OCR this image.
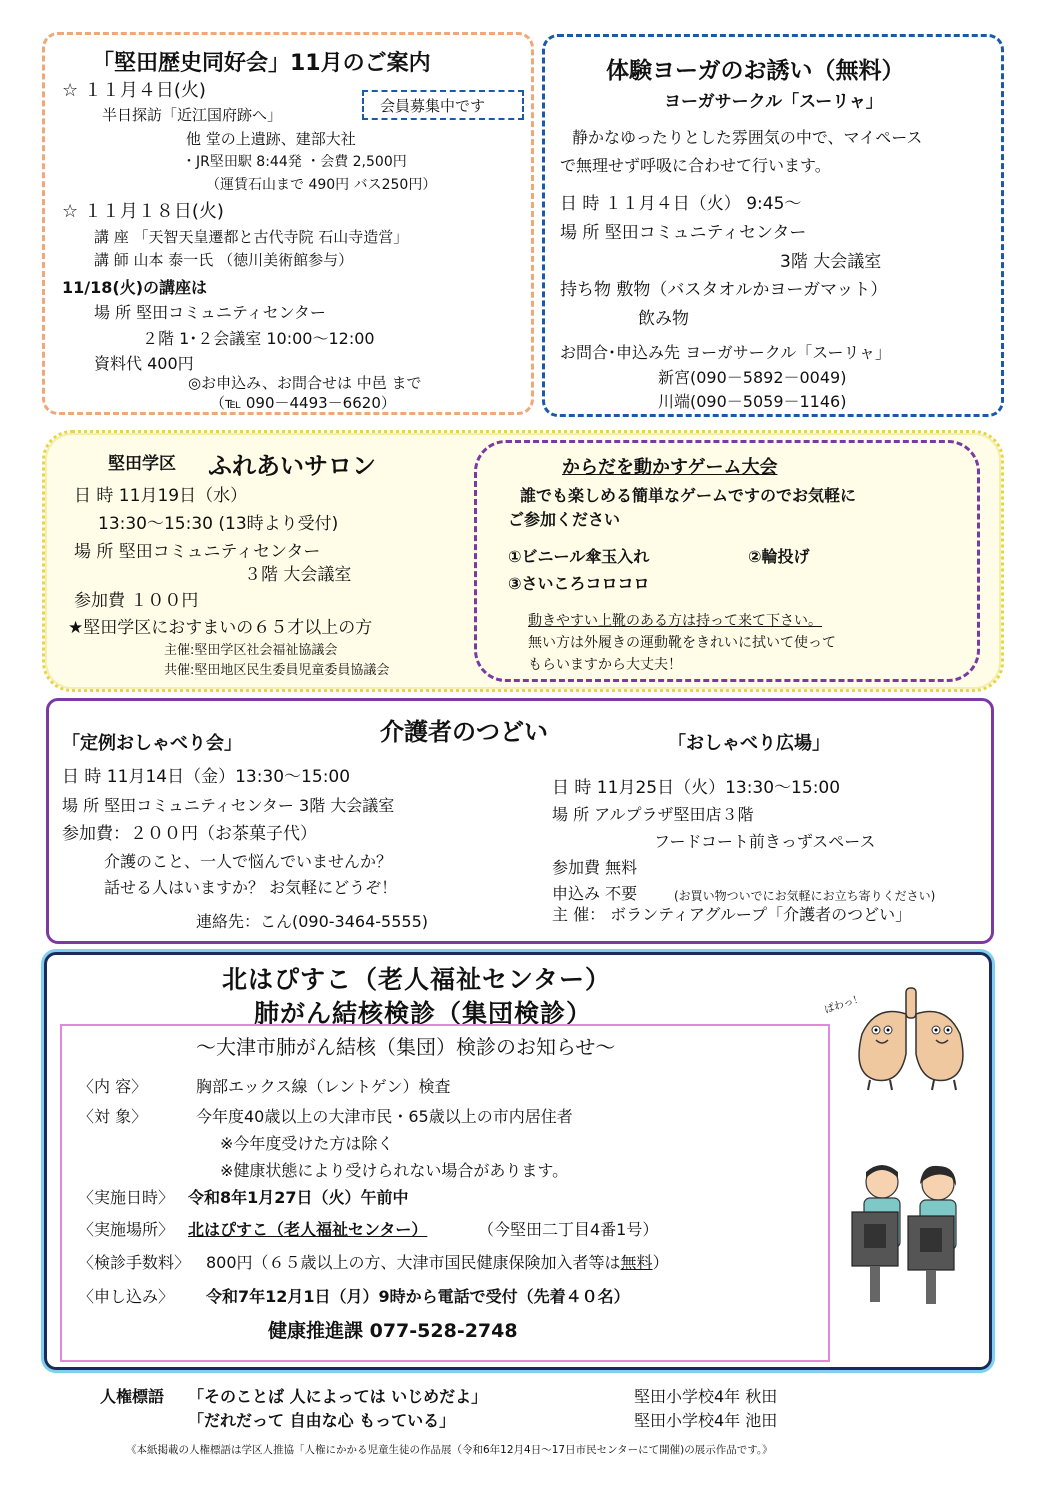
「堅田歴史同好会」11月のご案内
会員募集中です
☆ １１月４日(火)
半日探訪「近江国府跡へ」
他 堂の上遺跡、建部大社
・JR堅田駅 8:44発 ・会費 2,500円
（運賃石山まで 490円 バス250円）
☆ １１月１８日(火)
講 座 「天智天皇遷都と古代寺院 石山寺造営」
講 師 山本 泰一氏 （徳川美術館参与）
11/18(火)の講座は
場 所 堅田コミュニティセンター
２階 1･２会議室 10:00～12:00
資料代 400円
◎お申込み、お問合せは 中邑 まで
（℡ 090－4493－6620）
体験ヨーガのお誘い（無料）
ヨーガサークル「スーリャ」
静かなゆったりとした雰囲気の中で、マイペース
で無理せず呼吸に合わせて行います。
日 時 １１月４日（火） 9:45～
場 所 堅田コミュニティセンター
3階 大会議室
持ち物 敷物（バスタオルかヨーガマット）
飲み物
お問合･申込み先 ヨーガサークル「スーリャ」
新宮(090－5892－0049)
川端(090－5059－1146)
堅田学区 ふれあいサロン
日 時 11月19日（水）
13:30～15:30 (13時より受付)
場 所 堅田コミュニティセンター
３階 大会議室
参加費 １００円
★堅田学区におすまいの６５才以上の方
主催:堅田学区社会福祉協議会
共催:堅田地区民生委員児童委員協議会
からだを動かすゲーム大会
誰でも楽しめる簡単なゲームですのでお気軽に
ご参加ください
①ビニール傘玉入れ	②輪投げ
③さいころコロコロ
動きやすい上靴のある方は持って来て下さい。
無い方は外履きの運動靴をきれいに拭いて使って
もらいますから大丈夫！
介護者のつどい
「定例おしゃべり会」
日 時 11月14日（金）13:30～15:00
場 所 堅田コミュニティセンター 3階 大会議室
参加費：２００円（お茶菓子代）
介護のこと、一人で悩んでいませんか？
話せる人はいますか？ お気軽にどうぞ！
連絡先：こん(090-3464-5555)
「おしゃべり広場」
日 時 11月25日（火）13:30～15:00
場 所 アルプラザ堅田店３階
フードコート前きっずスペース
参加費 無料
申込み 不要	(お買い物ついでにお気軽にお立ち寄りください)
主 催： ボランティアグループ「介護者のつどい」
北はぴすこ（老人福祉センター）
肺がん結核検診（集団検診）
～大津市肺がん結核（集団）検診のお知らせ～
〈内 容〉	胸部エックス線（レントゲン）検査
〈対 象〉	今年度40歳以上の大津市民・65歳以上の市内居住者
※今年度受けた方は除く
※健康状態により受けられない場合があります。
〈実施日時〉 令和8年1月27日（火）午前中
〈実施場所〉 北はぴすこ（老人福祉センター）	（今堅田二丁目4番1号）
〈検診手数料〉 800円（６５歳以上の方、大津市国民健康保険加入者等は無料）
〈申し込み〉 令和7年12月1日（月）9時から電話で受付（先着４０名）
健康推進課 077-528-2748
ぱわっ！
人権標語 「そのことば 人によっては いじめだよ」	堅田小学校4年 秋田
「だれだって 自由な心 もっている」	堅田小学校4年 池田
《本紙掲載の人権標語は学区人推協「人権にかかる児童生徒の作品展（令和6年12月4日～17日市民センターにて開催)の展示作品です。》
